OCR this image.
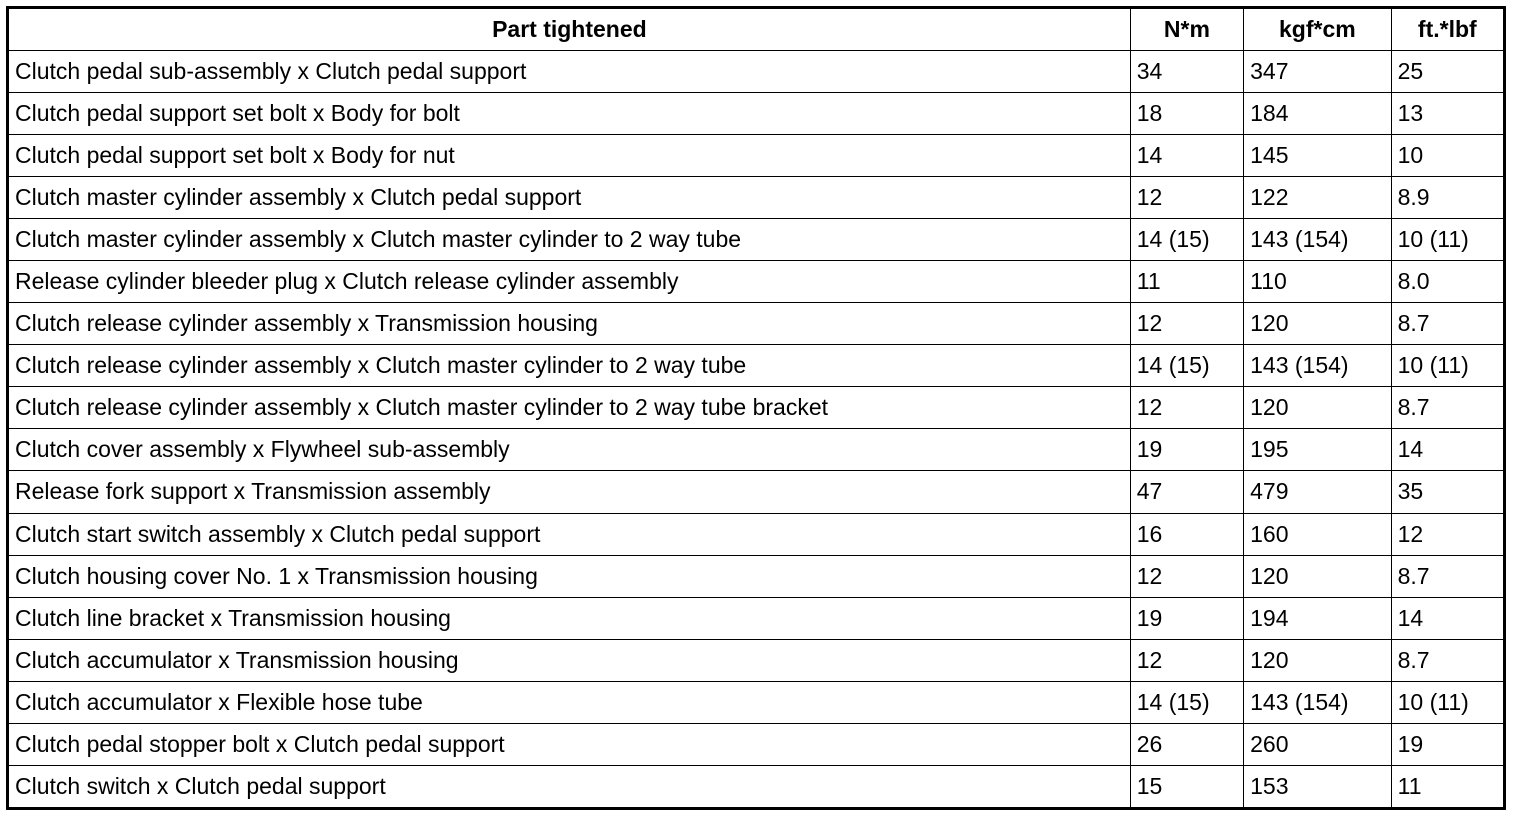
Part tightened	N*m	kgf*cm	ft.*lbf
Clutch pedal sub-assembly x Clutch pedal support	34	347	25
Clutch pedal support set bolt x Body for bolt	18	184	13
Clutch pedal support set bolt x Body for nut	14	145	10
Clutch master cylinder assembly x Clutch pedal support	12	122	8.9
Clutch master cylinder assembly x Clutch master cylinder to 2 way tube	14 (15)	143 (154)	10 (11)
Release cylinder bleeder plug x Clutch release cylinder assembly	11	110	8.0
Clutch release cylinder assembly x Transmission housing	12	120	8.7
Clutch release cylinder assembly x Clutch master cylinder to 2 way tube	14 (15)	143 (154)	10 (11)
Clutch release cylinder assembly x Clutch master cylinder to 2 way tube bracket	12	120	8.7
Clutch cover assembly x Flywheel sub-assembly	19	195	14
Release fork support x Transmission assembly	47	479	35
Clutch start switch assembly x Clutch pedal support	16	160	12
Clutch housing cover No. 1 x Transmission housing	12	120	8.7
Clutch line bracket x Transmission housing	19	194	14
Clutch accumulator x Transmission housing	12	120	8.7
Clutch accumulator x Flexible hose tube	14 (15)	143 (154)	10 (11)
Clutch pedal stopper bolt x Clutch pedal support	26	260	19
Clutch switch x Clutch pedal support	15	153	11
